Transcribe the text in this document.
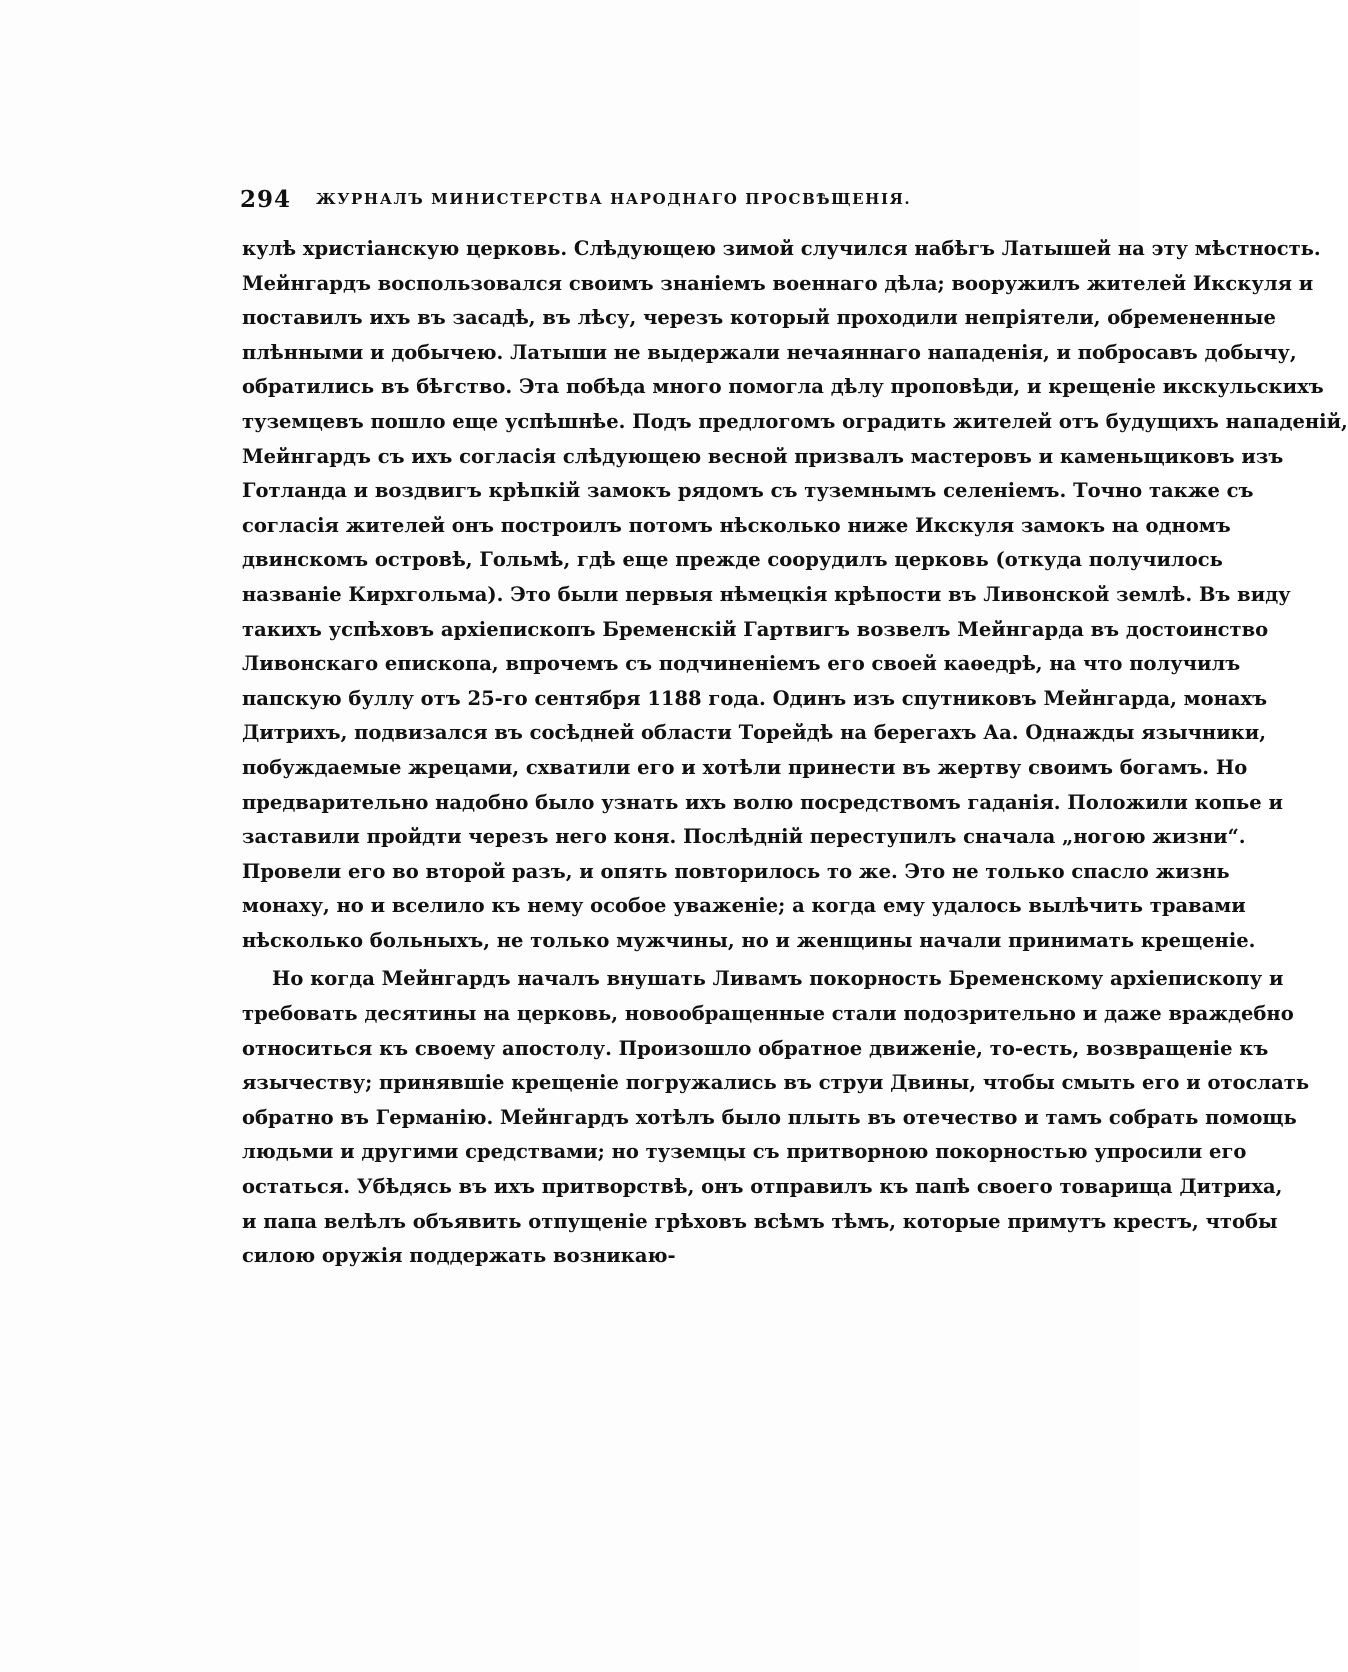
294 ЖУРНАЛЪ МИНИСТЕРСТВА НАРОДНАГО ПРОСВѢЩЕНІЯ.
кулѣ христіанскую церковь. Слѣдующею зимой случился набѣгъ Латышей на эту мѣстность.
Мейнгардъ воспользовался своимъ знаніемъ военнаго дѣла; вооружилъ жителей Икскуля и
поставилъ ихъ въ засадѣ, въ лѣсу, черезъ который проходили непріятели, обремененные
плѣнными и добычею. Латыши не выдержали нечаяннаго нападенія, и побросавъ добычу,
обратились въ бѣгство. Эта побѣда много помогла дѣлу проповѣди, и крещеніе икскульскихъ
туземцевъ пошло еще успѣшнѣе. Подъ предлогомъ оградить жителей отъ будущихъ нападеній,
Мейнгардъ съ ихъ согласія слѣдующею весной призвалъ мастеровъ и каменьщиковъ изъ
Готланда и воздвигъ крѣпкій замокъ рядомъ съ туземнымъ селеніемъ. Точно также съ
согласія жителей онъ построилъ потомъ нѣсколько ниже Икскуля замокъ на одномъ
двинскомъ островѣ, Гольмѣ, гдѣ еще прежде соорудилъ церковь (откуда получилось
названіе Кирхгольма). Это были первыя нѣмецкія крѣпости въ Ливонской землѣ. Въ виду
такихъ успѣховъ архіепископъ Бременскій Гартвигъ возвелъ Мейнгарда въ достоинство
Ливонскаго епископа, впрочемъ съ подчиненіемъ его своей каѳедрѣ, на что получилъ
папскую буллу отъ 25-го сентября 1188 года. Одинъ изъ спутниковъ Мейнгарда, монахъ
Дитрихъ, подвизался въ сосѣдней области Торейдѣ на берегахъ Аа. Однажды язычники,
побуждаемые жрецами, схватили его и хотѣли принести въ жертву своимъ богамъ. Но
предварительно надобно было узнать ихъ волю посредствомъ гаданія. Положили копье и
заставили пройдти черезъ него коня. Послѣдній переступилъ сначала „ногою жизни“.
Провели его во второй разъ, и опять повторилось то же. Это не только спасло жизнь
монаху, но и вселило къ нему особое уваженіе; а когда ему удалось вылѣчить травами
нѣсколько больныхъ, не только мужчины, но и женщины начали принимать крещеніе.
Но когда Мейнгардъ началъ внушать Ливамъ покорность Бременскому архіепископу и
требовать десятины на церковь, новообращенные стали подозрительно и даже враждебно
относиться къ своему апостолу. Произошло обратное движеніе, то-есть, возвращеніе къ
язычеству; принявшіе крещеніе погружались въ струи Двины, чтобы смыть его и отослать
обратно въ Германію. Мейнгардъ хотѣлъ было плыть въ отечество и тамъ собрать помощь
людьми и другими средствами; но туземцы съ притворною покорностью упросили его
остаться. Убѣдясь въ ихъ притворствѣ, онъ отправилъ къ папѣ своего товарища Дитриха,
и папа велѣлъ объявить отпущеніе грѣховъ всѣмъ тѣмъ, которые примутъ крестъ, чтобы
силою оружія поддержать возникаю-
